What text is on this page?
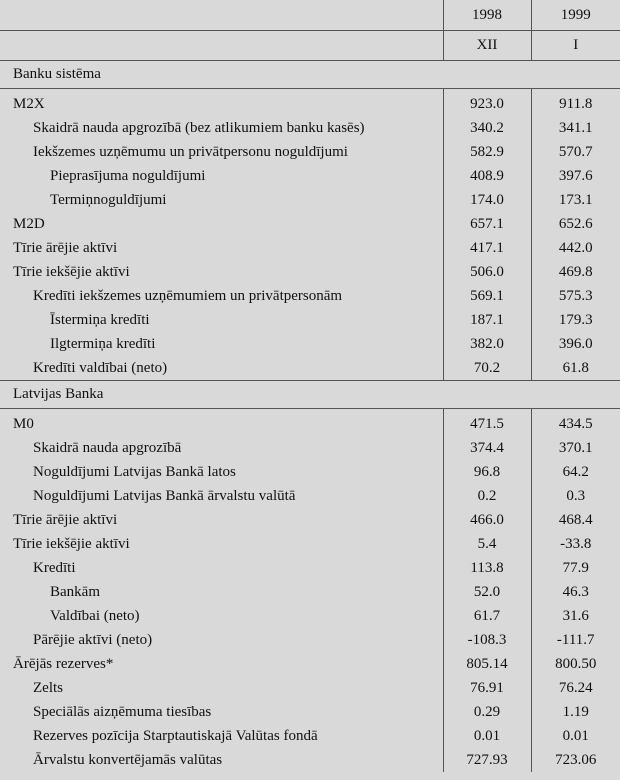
	1998	1999
	XII	I
Banku sistēma		
M2X	923.0	911.8
Skaidrā nauda apgrozībā (bez atlikumiem banku kasēs)	340.2	341.1
Iekšzemes uzņēmumu un privātpersonu noguldījumi	582.9	570.7
Pieprasījuma noguldījumi	408.9	397.6
Termiņnoguldījumi	174.0	173.1
M2D	657.1	652.6
Tīrie ārējie aktīvi	417.1	442.0
Tīrie iekšējie aktīvi	506.0	469.8
Kredīti iekšzemes uzņēmumiem un privātpersonām	569.1	575.3
Īstermiņa kredīti	187.1	179.3
Ilgtermiņa kredīti	382.0	396.0
Kredīti valdībai (neto)	70.2	61.8
Latvijas Banka		
M0	471.5	434.5
Skaidrā nauda apgrozībā	374.4	370.1
Noguldījumi Latvijas Bankā latos	96.8	64.2
Noguldījumi Latvijas Bankā ārvalstu valūtā	0.2	0.3
Tīrie ārējie aktīvi	466.0	468.4
Tīrie iekšējie aktīvi	5.4	-33.8
Kredīti	113.8	77.9
Bankām	52.0	46.3
Valdībai (neto)	61.7	31.6
Pārējie aktīvi (neto)	-108.3	-111.7
Ārējās rezerves*	805.14	800.50
Zelts	76.91	76.24
Speciālās aizņēmuma tiesības	0.29	1.19
Rezerves pozīcija Starptautiskajā Valūtas fondā	0.01	0.01
Ārvalstu konvertējamās valūtas	727.93	723.06
